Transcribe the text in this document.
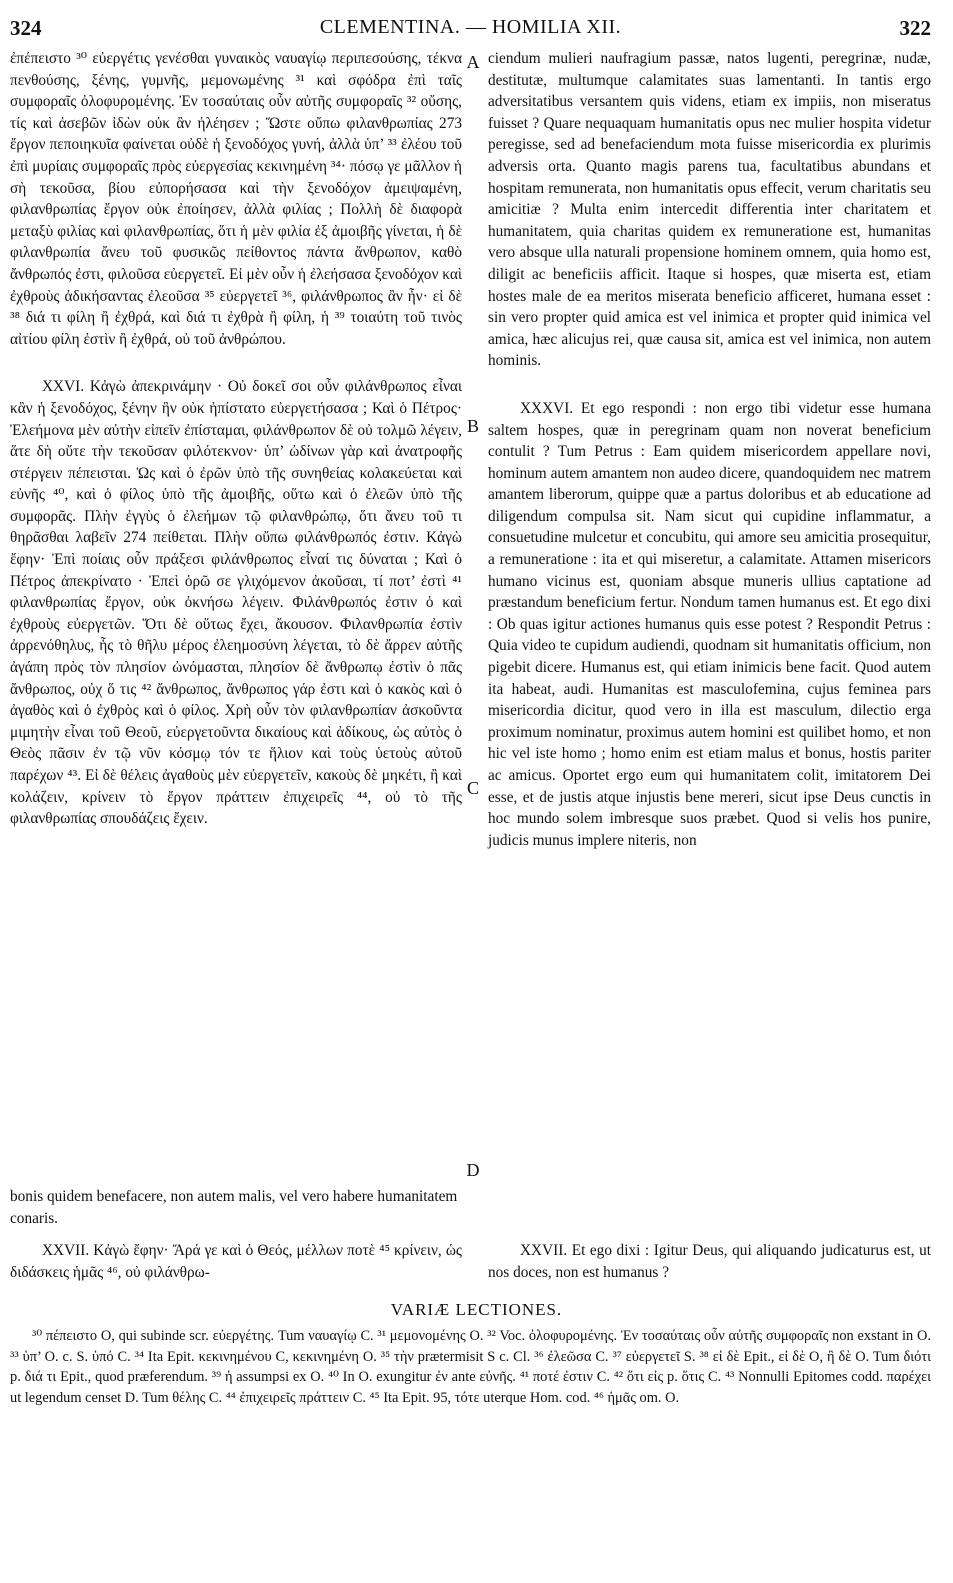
324	CLEMENTINA. — HOMILIA XII.	322

ἐπέπειστο ³⁰ εὐεργέτις γενέσθαι γυναικὸς ναυαγίῳ περιπεσούσης, τέκνα πενθούσης, ξένης, γυμνῆς, μεμονωμένης ³¹ καὶ σφόδρα ἐπὶ ταῖς συμφοραῖς ὀλοφυρομένης. Ἐν τοσαύταις οὖν αὐτῆς συμφοραῖς ³² οὔσης, τίς καὶ ἀσεβῶν ἰδὼν οὐκ ἂν ἠλέησεν ; Ὥστε οὔπω φιλανθρωπίας 273 ἔργον πεποιηκυῖα φαίνεται οὐδὲ ἡ ξενοδόχος γυνή, ἀλλὰ ὑπ’ ³³ ἐλέου τοῦ ἐπὶ μυρίαις συμφοραῖς πρὸς εὐεργεσίας κεκινημένη ³⁴· πόσῳ γε μᾶλλον ἡ σὴ τεκοῦσα, βίου εὐπορήσασα καὶ τὴν ξενοδόχον ἀμειψαμένη, φιλανθρωπίας ἔργον οὐκ ἐποίησεν, ἀλλὰ φιλίας ; Πολλὴ δὲ διαφορὰ μεταξὺ φιλίας καὶ φιλανθρωπίας, ὅτι ἡ μὲν φιλία ἐξ ἀμοιβῆς γίνεται, ἡ δὲ φιλανθρωπία ἄνευ τοῦ φυσικῶς πείθοντος πάντα ἄνθρωπον, καθὸ ἄνθρωπός ἐστι, φιλοῦσα εὐεργετεῖ. Εἰ μὲν οὖν ἡ ἐλεήσασα ξενοδόχον καὶ ἐχθροὺς ἀδικήσαντας ἐλεοῦσα ³⁵ εὐεργετεῖ ³⁶, φιλάνθρωπος ἂν ἦν· εἰ δὲ ³⁸ διά τι φίλη ἢ ἐχθρά, καὶ διά τι ἐχθρὰ ἢ φίλη, ἡ ³⁹ τοιαύτη τοῦ τινὸς αἰτίου φίλη ἐστὶν ἢ ἐχθρά, οὐ τοῦ ἀνθρώπου.

XXVI. Κἀγὼ ἀπεκρινάμην · Οὐ δοκεῖ σοι οὖν φιλάνθρωπος εἶναι κἂν ἡ ξενοδόχος, ξένην ἣν οὐκ ἠπίστατο εὐεργετήσασα ; Καὶ ὁ Πέτρος· Ἐλεήμονα μὲν αὐτὴν εἰπεῖν ἐπίσταμαι, φιλάνθρωπον δὲ οὐ τολμῶ λέγειν, ἅτε δὴ οὔτε τὴν τεκοῦσαν φιλότεκνον· ὑπ’ ὠδίνων γὰρ καὶ ἀνατροφῆς στέργειν πέπεισται. Ὡς καὶ ὁ ἐρῶν ὑπὸ τῆς συνηθείας κολακεύεται καὶ εὐνῆς ⁴⁰, καὶ ὁ φίλος ὑπὸ τῆς ἀμοιβῆς, οὕτω καὶ ὁ ἐλεῶν ὑπὸ τῆς συμφορᾶς. Πλὴν ἐγγὺς ὁ ἐλεήμων τῷ φιλανθρώπῳ, ὅτι ἄνευ τοῦ τι θηρᾶσθαι λαβεῖν 274 πείθεται. Πλὴν οὔπω φιλάνθρωπός ἐστιν. Κἀγὼ ἔφην· Ἐπὶ ποίαις οὖν πράξεσι φιλάνθρωπος εἶναί τις δύναται ; Καὶ ὁ Πέτρος ἀπεκρίνατο · Ἐπεὶ ὁρῶ σε γλιχόμενον ἀκοῦσαι, τί ποτ’ ἐστὶ ⁴¹ φιλανθρωπίας ἔργον, οὐκ ὀκνήσω λέγειν. Φιλάνθρωπός ἐστιν ὁ καὶ ἐχθροὺς εὐεργετῶν. Ὅτι δὲ οὕτως ἔχει, ἄκουσον. Φιλανθρωπία ἐστὶν ἀρρενόθηλυς, ἧς τὸ θῆλυ μέρος ἐλεημοσύνη λέγεται, τὸ δὲ ἄρρεν αὐτῆς ἀγάπη πρὸς τὸν πλησίον ὠνόμασται, πλησίον δὲ ἄνθρωπῳ ἐστὶν ὁ πᾶς ἄνθρωπος, οὐχ ὅ τις ⁴² ἄνθρωπος, ἄνθρωπος γάρ ἐστι καὶ ὁ κακὸς καὶ ὁ ἀγαθὸς καὶ ὁ ἐχθρὸς καὶ ὁ φίλος. Χρὴ οὖν τὸν φιλανθρωπίαν ἀσκοῦντα μιμητὴν εἶναι τοῦ Θεοῦ, εὐεργετοῦντα δικαίους καὶ ἀδίκους, ὡς αὐτὸς ὁ Θεὸς πᾶσιν ἐν τῷ νῦν κόσμῳ τόν τε ἥλιον καὶ τοὺς ὑετοὺς αὐτοῦ παρέχων ⁴³. Εἰ δὲ θέλεις ἀγαθοὺς μὲν εὐεργετεῖν, κακοὺς δὲ μηκέτι, ἢ καὶ κολάζειν, κρίνειν τὸ ἔργον πράττειν ἐπιχειρεῖς ⁴⁴, οὐ τὸ τῆς φιλανθρωπίας σπουδάζεις ἔχειν.

ciendum mulieri naufragium passæ, natos lugenti, peregrinæ, nudæ, destitutæ, multumque calamitates suas lamentanti. In tantis ergo adversitatibus versantem quis videns, etiam ex impiis, non miseratus fuisset ? Quare nequaquam humanitatis opus nec mulier hospita videtur peregisse, sed ad benefaciendum mota fuisse misericordia ex plurimis adversis orta. Quanto magis parens tua, facultatibus abundans et hospitam remunerata, non humanitatis opus effecit, verum charitatis seu amicitiæ ? Multa enim intercedit differentia inter charitatem et humanitatem, quia charitas quidem ex remuneratione est, humanitas vero absque ulla naturali propensione hominem omnem, quia homo est, diligit ac beneficiis afficit. Itaque si hospes, quæ miserta est, etiam hostes male de ea meritos miserata beneficio afficeret, humana esset : sin vero propter quid amica est vel inimica et propter quid inimica vel amica, hæc alicujus rei, quæ causa sit, amica est vel inimica, non autem hominis.

XXXVI. Et ego respondi : non ergo tibi videtur esse humana saltem hospes, quæ in peregrinam quam non noverat beneficium contulit ? Tum Petrus : Eam quidem misericordem appellare novi, hominum autem amantem non audeo dicere, quandoquidem nec matrem amantem liberorum, quippe quæ a partus doloribus et ab educatione ad diligendum compulsa sit. Nam sicut qui cupidine inflammatur, a consuetudine mulcetur et concubitu, qui amore seu amicitia prosequitur, a remuneratione : ita et qui miseretur, a calamitate. Attamen misericors humano vicinus est, quoniam absque muneris ullius captatione ad præstandum beneficium fertur. Nondum tamen humanus est. Et ego dixi : Ob quas igitur actiones humanus quis esse potest ? Respondit Petrus : Quia video te cupidum audiendi, quodnam sit humanitatis officium, non pigebit dicere. Humanus est, qui etiam inimicis bene facit. Quod autem ita habeat, audi. Humanitas est masculofemina, cujus feminea pars misericordia dicitur, quod vero in illa est masculum, dilectio erga proximum nominatur, proximus autem homini est quilibet homo, et non hic vel iste homo ; homo enim est etiam malus et bonus, hostis pariter ac amicus. Oportet ergo eum qui humanitatem colit, imitatorem Dei esse, et de justis atque injustis bene mereri, sicut ipse Deus cunctis in hoc mundo solem imbresque suos præbet. Quod si velis hos punire, judicis munus implere niteris, non

A
B
C
D

bonis quidem benefacere, non autem malis, vel vero habere humanitatem conaris.

XXVII. Κἀγὼ ἔφην· Ἄρά γε καὶ ὁ Θεός, μέλλων ποτὲ ⁴⁵ κρίνειν, ὡς διδάσκεις ἡμᾶς ⁴⁶, οὐ φιλάνθρω-

XXVII. Et ego dixi : Igitur Deus, qui aliquando judicaturus est, ut nos doces, non est humanus ?

VARIÆ LECTIONES.
³⁰ πέπειστο O, qui subinde scr. εὐεργέτης. Tum ναυαγίῳ C. ³¹ μεμονομένης O. ³² Voc. ὀλοφυρομένης. Ἐν τοσαύταις οὖν αὐτῆς συμφοραῖς non exstant in O. ³³ ὑπ’ O. c. S. ὑπό C. ³⁴ Ita Epit. κεκινημένου C, κεκινημένη O. ³⁵ τὴν prætermisit S c. Cl. ³⁶ ἐλεῶσα C. ³⁷ εὐεργετεῖ S. ³⁸ εἰ δὲ Epit., εἰ δὲ O, ἢ δὲ O. Tum διότι p. διά τι Epit., quod præferendum. ³⁹ ἡ assumpsi ex O. ⁴⁰ In O. exungitur ἐν ante εὐνῆς. ⁴¹ ποτέ ἐστιν C. ⁴² ὅτι εἰς p. ὅτις C. ⁴³ Nonnulli Epitomes codd. παρέχει ut legendum censet D. Tum θέλης C. ⁴⁴ ἐπιχειρεῖς πράττειν C. ⁴⁵ Ita Epit. 95, τότε uterque Hom. cod. ⁴⁶ ἡμᾶς om. O.
